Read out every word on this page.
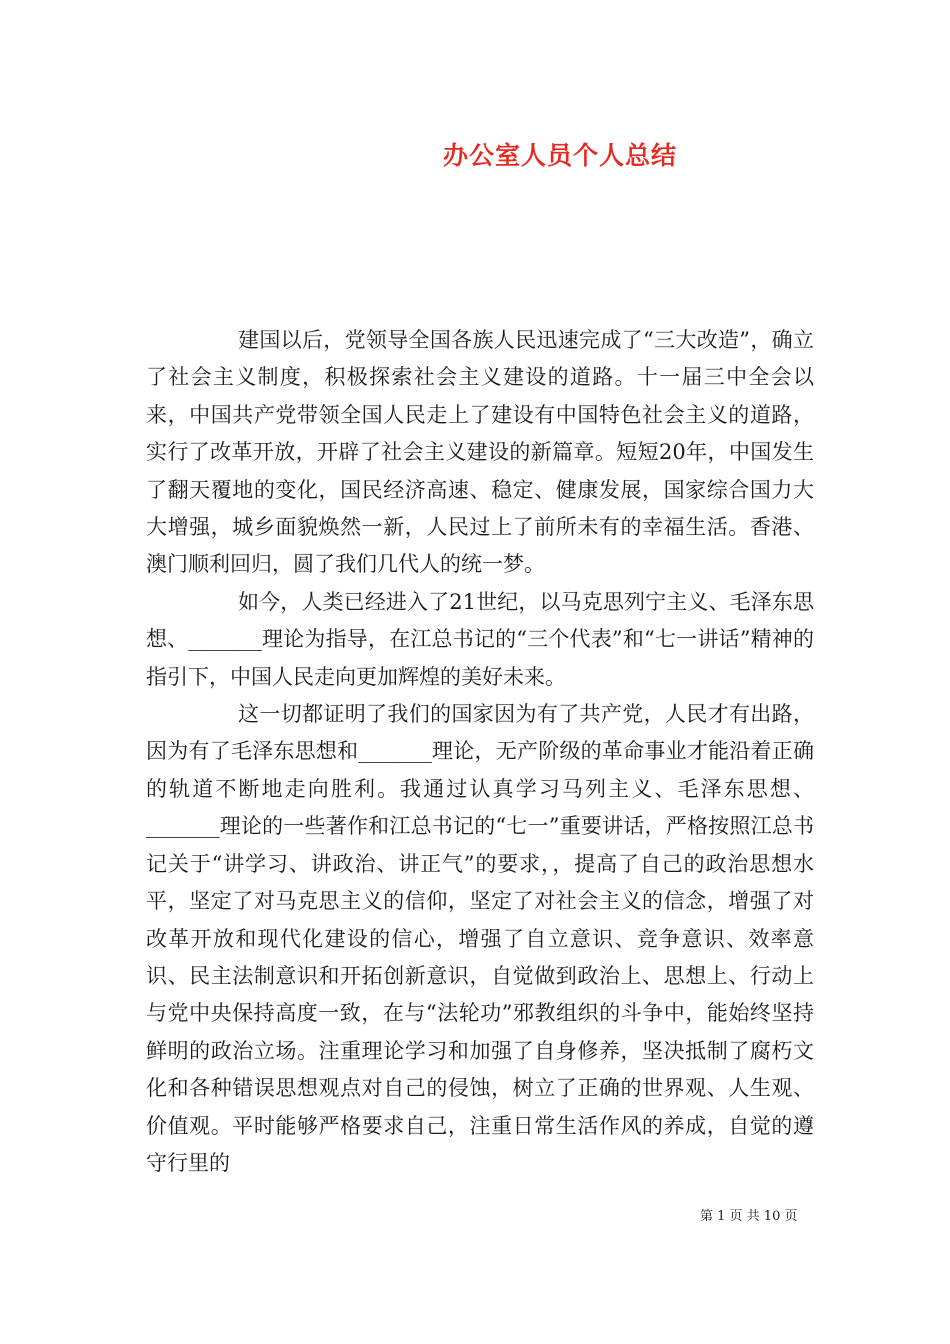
办公室人员个人总结

建国以后，党领导全国各族人民迅速完成了“三大改造”，确立了社会主义制度，积极探索社会主义建设的道路。十一届三中全会以来，中国共产党带领全国人民走上了建设有中国特色社会主义的道路，实行了改革开放，开辟了社会主义建设的新篇章。短短20年，中国发生了翻天覆地的变化，国民经济高速、稳定、健康发展，国家综合国力大大增强，城乡面貌焕然一新，人民过上了前所未有的幸福生活。香港、澳门顺利回归，圆了我们几代人的统一梦。

如今，人类已经进入了21世纪，以马克思列宁主义、毛泽东思想、_______理论为指导，在江总书记的“三个代表”和“七一讲话”精神的指引下，中国人民走向更加辉煌的美好未来。

这一切都证明了我们的国家因为有了共产党，人民才有出路，因为有了毛泽东思想和_______理论，无产阶级的革命事业才能沿着正确的轨道不断地走向胜利。我通过认真学习马列主义、毛泽东思想、_______理论的一些著作和江总书记的“七一”重要讲话，严格按照江总书记关于“讲学习、讲政治、讲正气”的要求，，提高了自己的政治思想水平，坚定了对马克思主义的信仰，坚定了对社会主义的信念，增强了对改革开放和现代化建设的信心，增强了自立意识、竞争意识、效率意识、民主法制意识和开拓创新意识，自觉做到政治上、思想上、行动上与党中央保持高度一致，在与“法轮功”邪教组织的斗争中，能始终坚持鲜明的政治立场。注重理论学习和加强了自身修养，坚决抵制了腐朽文化和各种错误思想观点对自己的侵蚀，树立了正确的世界观、人生观、价值观。平时能够严格要求自己，注重日常生活作风的养成，自觉的遵守行里的

第 1 页 共 10 页
